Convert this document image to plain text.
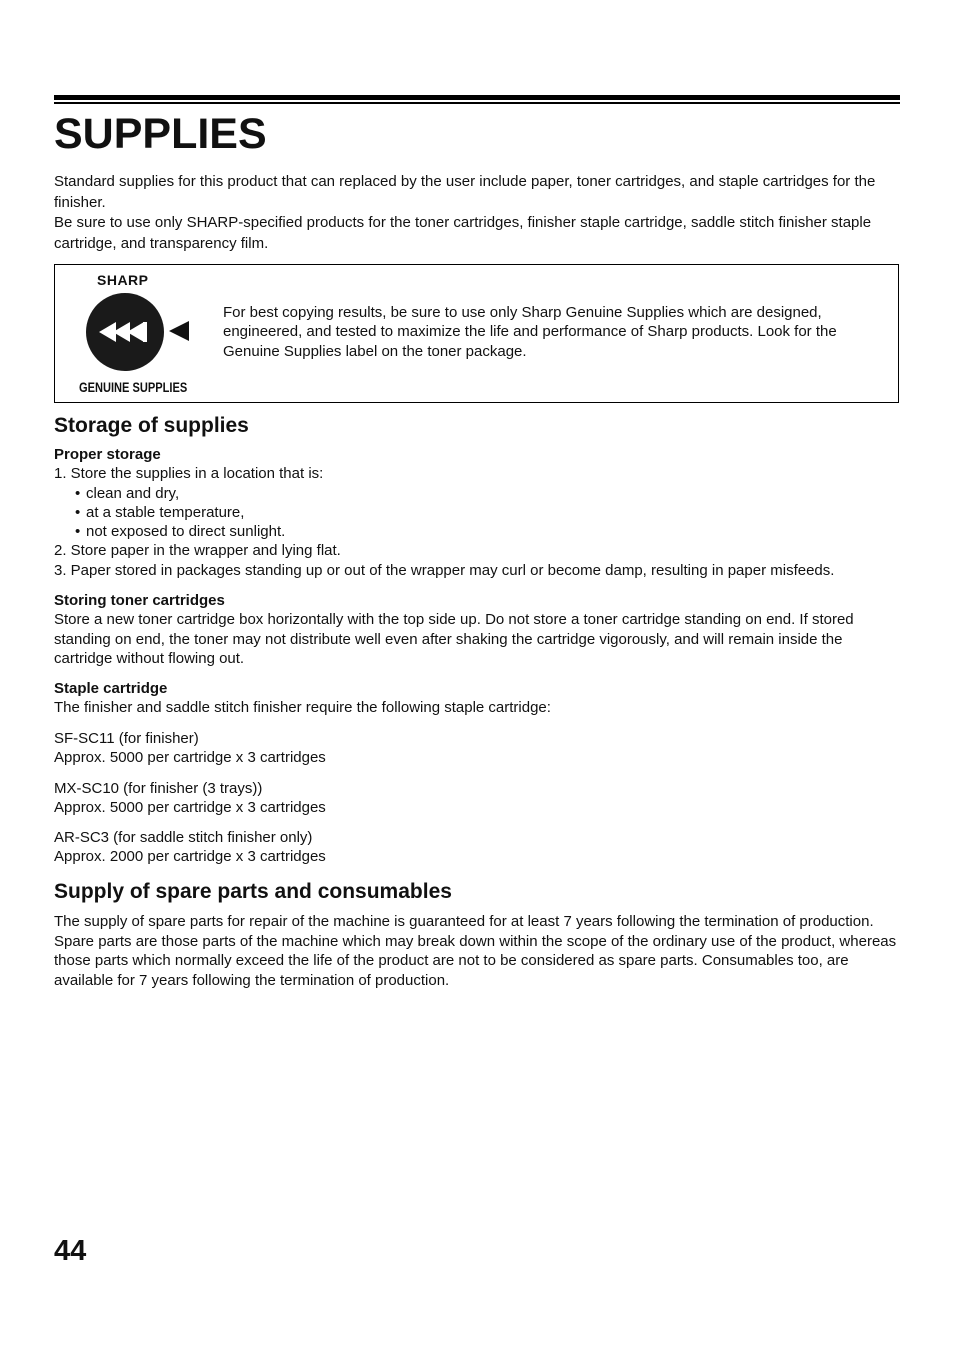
SUPPLIES

Standard supplies for this product that can replaced by the user include paper, toner cartridges, and staple cartridges for the finisher.

Be sure to use only SHARP-specified products for the toner cartridges, finisher staple cartridge, saddle stitch finisher staple cartridge, and transparency film.

SHARP
GENUINE SUPPLIES
For best copying results, be sure to use only Sharp Genuine Supplies which are designed, engineered, and tested to maximize the life and performance of Sharp products. Look for the Genuine Supplies label on the toner package.
Storage of supplies
Proper storage
1. Store the supplies in a location that is:
• clean and dry,
• at a stable temperature,
• not exposed to direct sunlight.
2. Store paper in the wrapper and lying flat.
3. Paper stored in packages standing up or out of the wrapper may curl or become damp, resulting in paper misfeeds.
Storing toner cartridges
Store a new toner cartridge box horizontally with the top side up. Do not store a toner cartridge standing on end. If stored standing on end, the toner may not distribute well even after shaking the cartridge vigorously, and will remain inside the cartridge without flowing out.
Staple cartridge
The finisher and saddle stitch finisher require the following staple cartridge:
SF-SC11 (for finisher)
Approx. 5000 per cartridge x 3 cartridges
MX-SC10 (for finisher (3 trays))
Approx. 5000 per cartridge x 3 cartridges
AR-SC3 (for saddle stitch finisher only)
Approx. 2000 per cartridge x 3 cartridges
Supply of spare parts and consumables
The supply of spare parts for repair of the machine is guaranteed for at least 7 years following the termination of production. Spare parts are those parts of the machine which may break down within the scope of the ordinary use of the product, whereas those parts which normally exceed the life of the product are not to be considered as spare parts. Consumables too, are available for 7 years following the termination of production.
44
